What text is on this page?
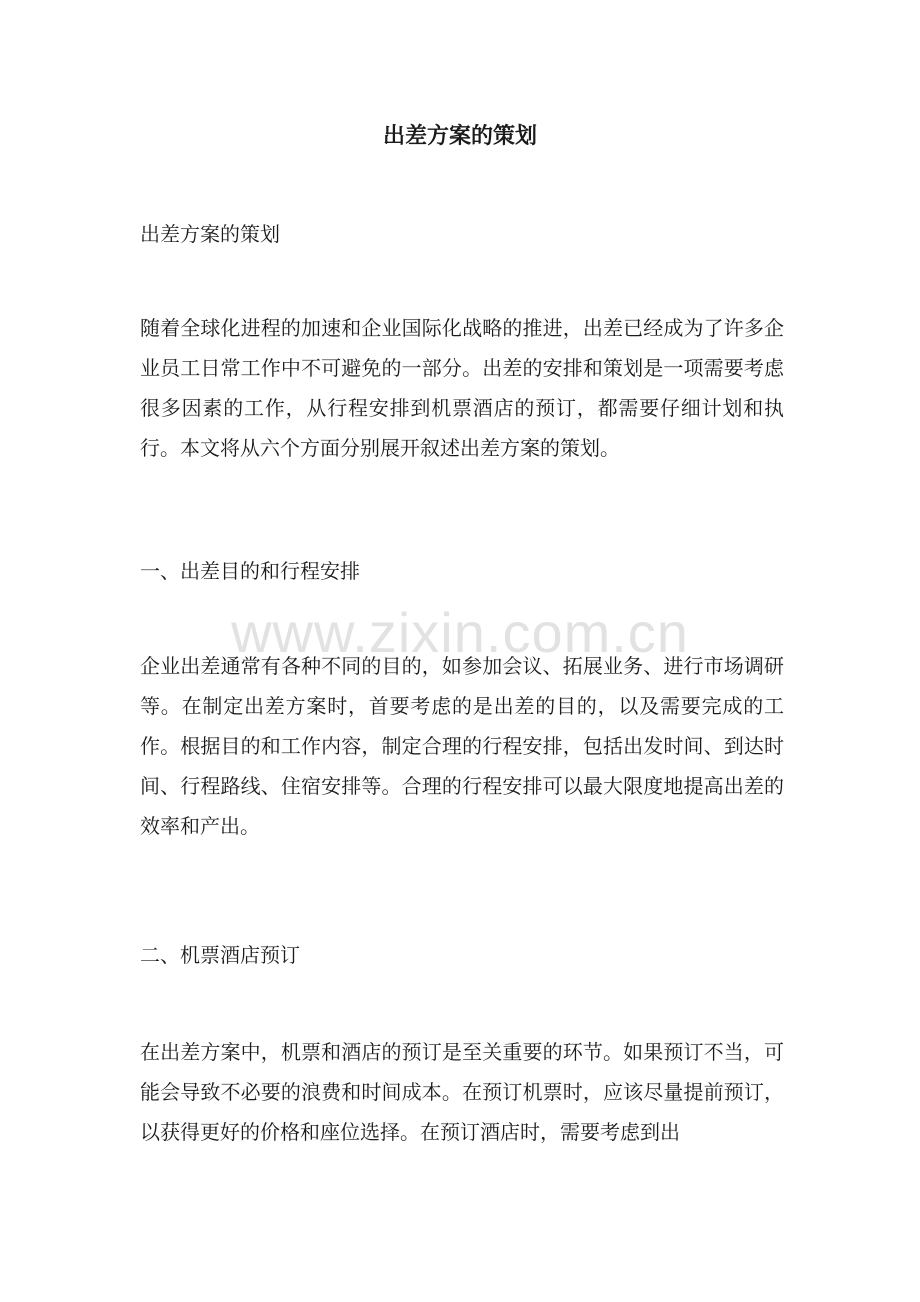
出差方案的策划

出差方案的策划

随着全球化进程的加速和企业国际化战略的推进，出差已经成为了许多企业员工日常工作中不可避免的一部分。出差的安排和策划是一项需要考虑很多因素的工作，从行程安排到机票酒店的预订，都需要仔细计划和执行。本文将从六个方面分别展开叙述出差方案的策划。

一、出差目的和行程安排

企业出差通常有各种不同的目的，如参加会议、拓展业务、进行市场调研等。在制定出差方案时，首要考虑的是出差的目的，以及需要完成的工作。根据目的和工作内容，制定合理的行程安排，包括出发时间、到达时间、行程路线、住宿安排等。合理的行程安排可以最大限度地提高出差的效率和产出。

二、机票酒店预订

在出差方案中，机票和酒店的预订是至关重要的环节。如果预订不当，可能会导致不必要的浪费和时间成本。在预订机票时，应该尽量提前预订，以获得更好的价格和座位选择。在预订酒店时，需要考虑到出

www.zixin.com.cn
